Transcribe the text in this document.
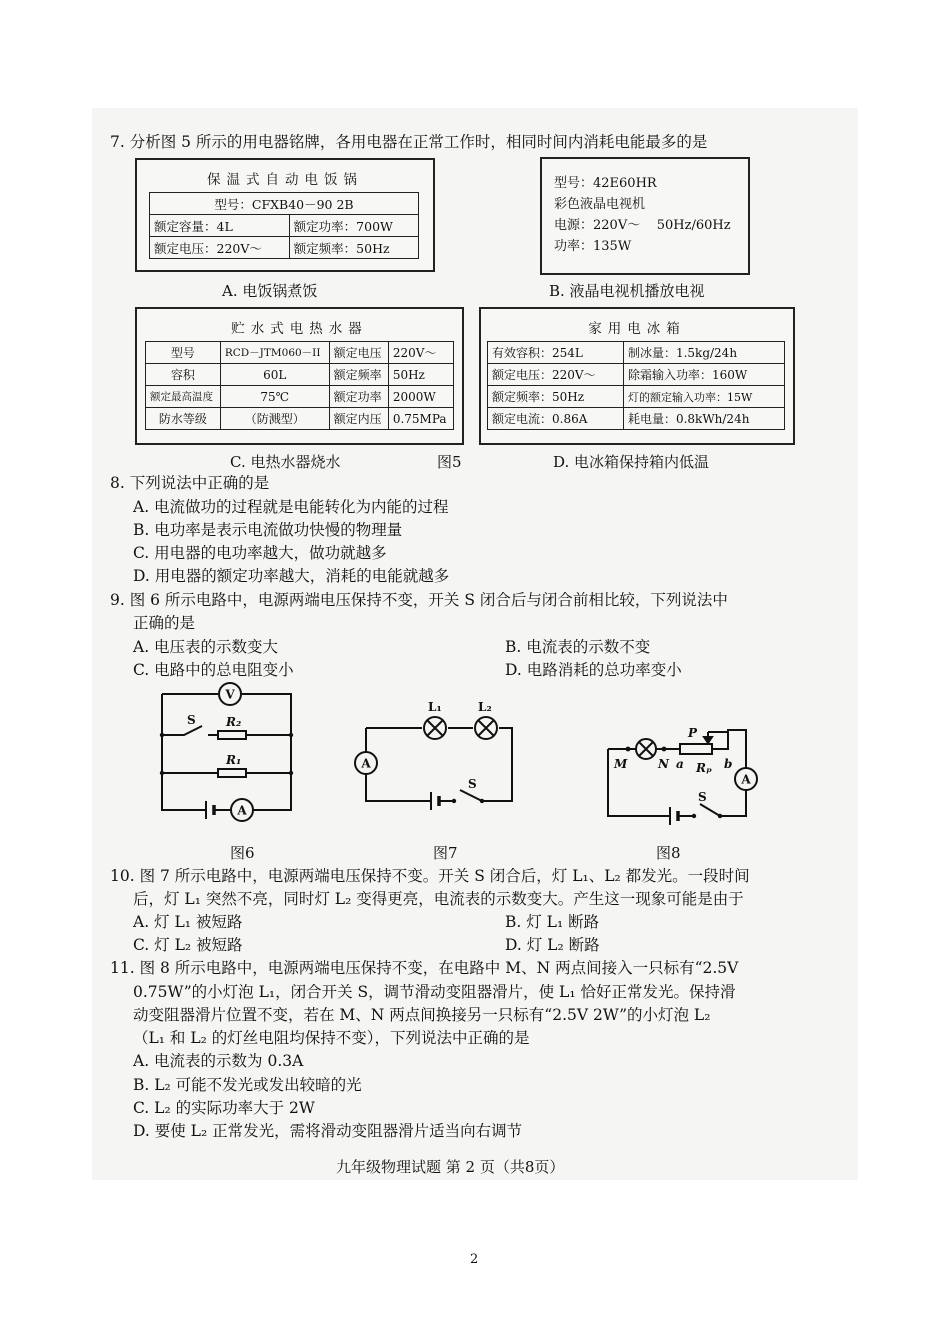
7. 分析图 5 所示的用电器铭牌，各用电器在正常工作时，相同时间内消耗电能最多的是
保温式自动电饭锅
型号：CFXB40－90 2B	
额定容量：4L	额定功率：700W
额定电压：220V～	额定频率：50Hz
型号：42E60HR
彩色液晶电视机
电源：220V～    50Hz/60Hz
功率：135W
A. 电饭锅煮饭	B. 液晶电视机播放电视
贮水式电热水器
型号	RCD－JTM060－II	额定电压	220V～
容积	60L	额定频率	50Hz
额定最高温度	75℃	额定功率	2000W
防水等级	（防溅型）	额定内压	0.75MPa
家用电冰箱
有效容积：254L	制冰量：1.5kg/24h
额定电压：220V～	除霜输入功率：160W
额定频率：50Hz	灯的额定输入功率：15W
额定电流：0.86A	耗电量：0.8kWh/24h
C. 电热水器烧水	图5	D. 电冰箱保持箱内低温
8. 下列说法中正确的是
A. 电流做功的过程就是电能转化为内能的过程
B. 电功率是表示电流做功快慢的物理量
C. 用电器的电功率越大，做功就越多
D. 用电器的额定功率越大，消耗的电能就越多
9. 图 6 所示电路中，电源两端电压保持不变，开关 S 闭合后与闭合前相比较，下列说法中
正确的是
A. 电压表的示数变大	B. 电流表的示数不变
C. 电路中的总电阻变小	D. 电路消耗的总功率变小
V
S	R₂
R₁
A
图6
L₁	L₂
A
S
图7
M	N a
P
Rₚ b
A
S
图8
10. 图 7 所示电路中，电源两端电压保持不变。开关 S 闭合后，灯 L₁、L₂ 都发光。一段时间
后，灯 L₁ 突然不亮，同时灯 L₂ 变得更亮，电流表的示数变大。产生这一现象可能是由于
A. 灯 L₁ 被短路	B. 灯 L₁ 断路
C. 灯 L₂ 被短路	D. 灯 L₂ 断路
11. 图 8 所示电路中，电源两端电压保持不变，在电路中 M、N 两点间接入一只标有“2.5V
0.75W”的小灯泡 L₁，闭合开关 S，调节滑动变阻器滑片，使 L₁ 恰好正常发光。保持滑
动变阻器滑片位置不变，若在 M、N 两点间换接另一只标有“2.5V 2W”的小灯泡 L₂
（L₁ 和 L₂ 的灯丝电阻均保持不变），下列说法中正确的是
A. 电流表的示数为 0.3A
B. L₂ 可能不发光或发出较暗的光
C. L₂ 的实际功率大于 2W
D. 要使 L₂ 正常发光，需将滑动变阻器滑片适当向右调节
九年级物理试题 第 2 页（共8页）
2
